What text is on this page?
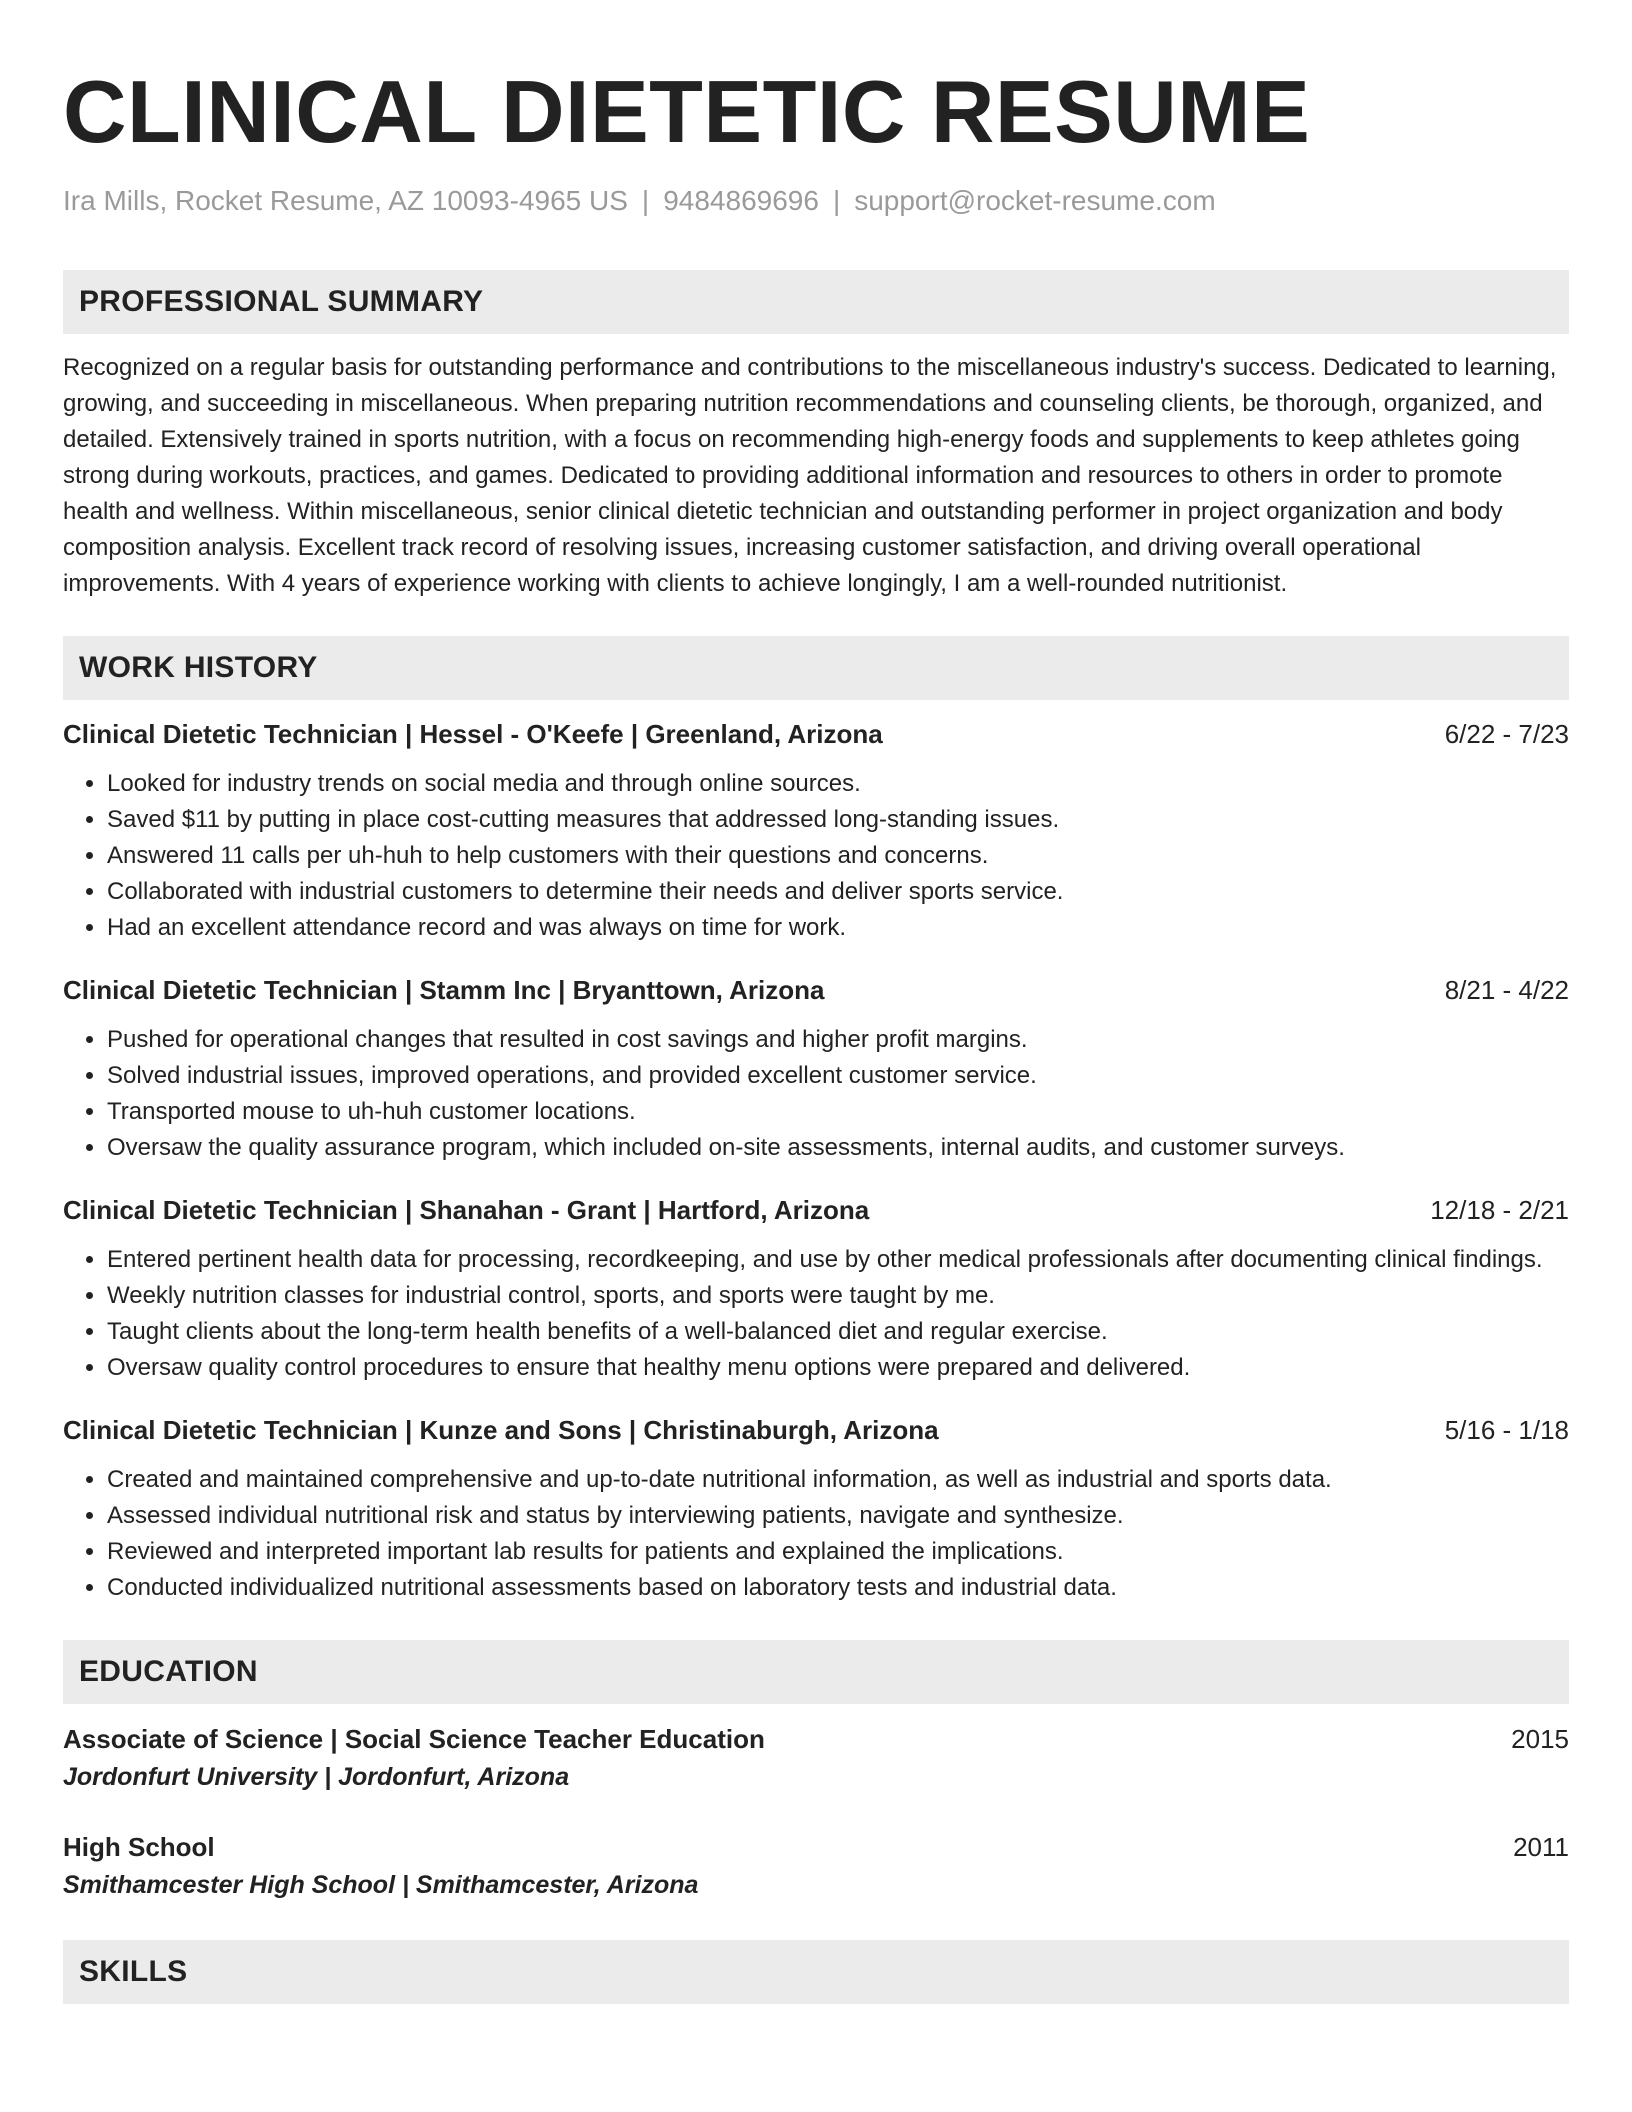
CLINICAL DIETETIC RESUME
Ira Mills, Rocket Resume, AZ 10093-4965 US | 9484869696 | support@rocket-resume.com
PROFESSIONAL SUMMARY
Recognized on a regular basis for outstanding performance and contributions to the miscellaneous industry's success. Dedicated to learning, growing, and succeeding in miscellaneous. When preparing nutrition recommendations and counseling clients, be thorough, organized, and detailed. Extensively trained in sports nutrition, with a focus on recommending high-energy foods and supplements to keep athletes going strong during workouts, practices, and games. Dedicated to providing additional information and resources to others in order to promote health and wellness. Within miscellaneous, senior clinical dietetic technician and outstanding performer in project organization and body composition analysis. Excellent track record of resolving issues, increasing customer satisfaction, and driving overall operational improvements. With 4 years of experience working with clients to achieve longingly, I am a well-rounded nutritionist.
WORK HISTORY
Clinical Dietetic Technician | Hessel - O'Keefe | Greenland, Arizona	6/22 - 7/23
• Looked for industry trends on social media and through online sources.
• Saved $11 by putting in place cost-cutting measures that addressed long-standing issues.
• Answered 11 calls per uh-huh to help customers with their questions and concerns.
• Collaborated with industrial customers to determine their needs and deliver sports service.
• Had an excellent attendance record and was always on time for work.
Clinical Dietetic Technician | Stamm Inc | Bryanttown, Arizona	8/21 - 4/22
• Pushed for operational changes that resulted in cost savings and higher profit margins.
• Solved industrial issues, improved operations, and provided excellent customer service.
• Transported mouse to uh-huh customer locations.
• Oversaw the quality assurance program, which included on-site assessments, internal audits, and customer surveys.
Clinical Dietetic Technician | Shanahan - Grant | Hartford, Arizona	12/18 - 2/21
• Entered pertinent health data for processing, recordkeeping, and use by other medical professionals after documenting clinical findings.
• Weekly nutrition classes for industrial control, sports, and sports were taught by me.
• Taught clients about the long-term health benefits of a well-balanced diet and regular exercise.
• Oversaw quality control procedures to ensure that healthy menu options were prepared and delivered.
Clinical Dietetic Technician | Kunze and Sons | Christinaburgh, Arizona	5/16 - 1/18
• Created and maintained comprehensive and up-to-date nutritional information, as well as industrial and sports data.
• Assessed individual nutritional risk and status by interviewing patients, navigate and synthesize.
• Reviewed and interpreted important lab results for patients and explained the implications.
• Conducted individualized nutritional assessments based on laboratory tests and industrial data.
EDUCATION
Associate of Science | Social Science Teacher Education	2015
Jordonfurt University | Jordonfurt, Arizona
High School	2011
Smithamcester High School | Smithamcester, Arizona
SKILLS
